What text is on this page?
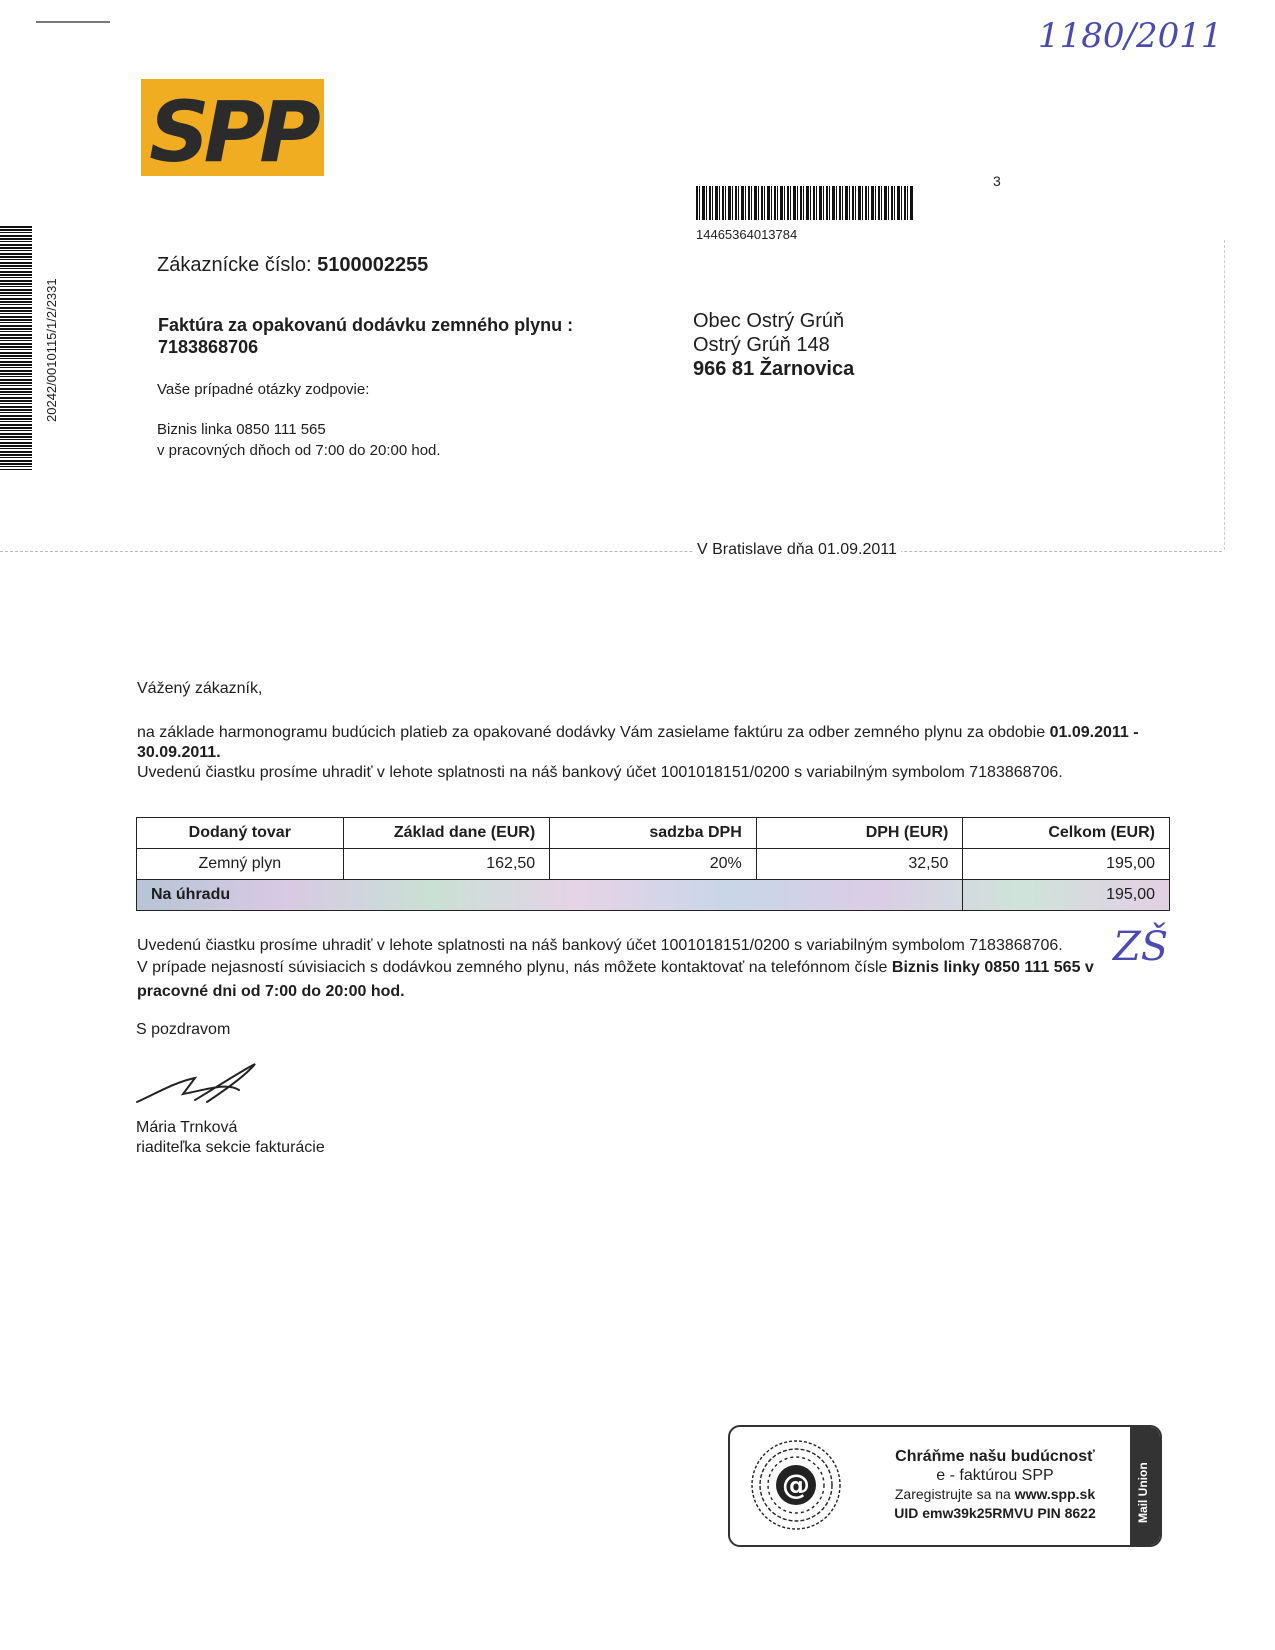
1180/2011
SPP
14465364013784
3
20242/0010115/1/2/2331
Zákaznícke číslo: 5100002255
Faktúra za opakovanú dodávku zemného plynu :
7183868706
Vaše prípadné otázky zodpovie:
Biznis linka 0850 111 565
v pracovných dňoch od 7:00 do 20:00 hod.
Obec Ostrý Grúň
Ostrý Grúň 148
966 81 Žarnovica
V Bratislave dňa 01.09.2011
Vážený zákazník,
na základe harmonogramu budúcich platieb za opakované dodávky Vám zasielame faktúru za odber zemného plynu za obdobie 01.09.2011 -
30.09.2011.
Uvedenú čiastku prosíme uhradiť v lehote splatnosti na náš bankový účet 1001018151/0200 s variabilným symbolom 7183868706.
Dodaný tovar	Základ dane (EUR)	sadzba DPH	DPH (EUR)	Celkom (EUR)
Zemný plyn	162,50	20%	32,50	195,00
Na úhradu				195,00
Uvedenú čiastku prosíme uhradiť v lehote splatnosti na náš bankový účet 1001018151/0200 s variabilným symbolom 7183868706.
V prípade nejasností súvisiacich s dodávkou zemného plynu, nás môžete kontaktovať na telefónnom čísle Biznis linky 0850 111 565 v
pracovné dni od 7:00 do 20:00 hod.
ZŠ
S pozdravom
Mária Trnková
riaditeľka sekcie fakturácie
@
Chráňme našu budúcnosť
e - faktúrou SPP
Zaregistrujte sa na www.spp.sk
UID emw39k25RMVU PIN 8622	Mail Union
